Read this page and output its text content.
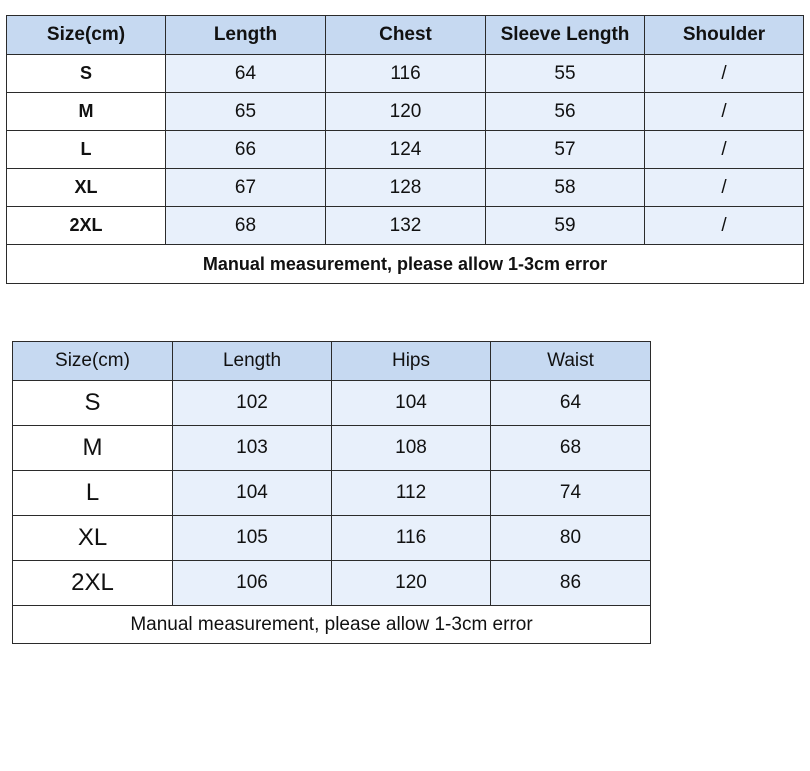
Size(cm)	Length	Chest	Sleeve Length	Shoulder
S	64	116	55	/
M	65	120	56	/
L	66	124	57	/
XL	67	128	58	/
2XL	68	132	59	/
Manual measurement, please allow 1-3cm error				
Size(cm)	Length	Hips	Waist
S	102	104	64
M	103	108	68
L	104	112	74
XL	105	116	80
2XL	106	120	86
Manual measurement, please allow 1-3cm error			
